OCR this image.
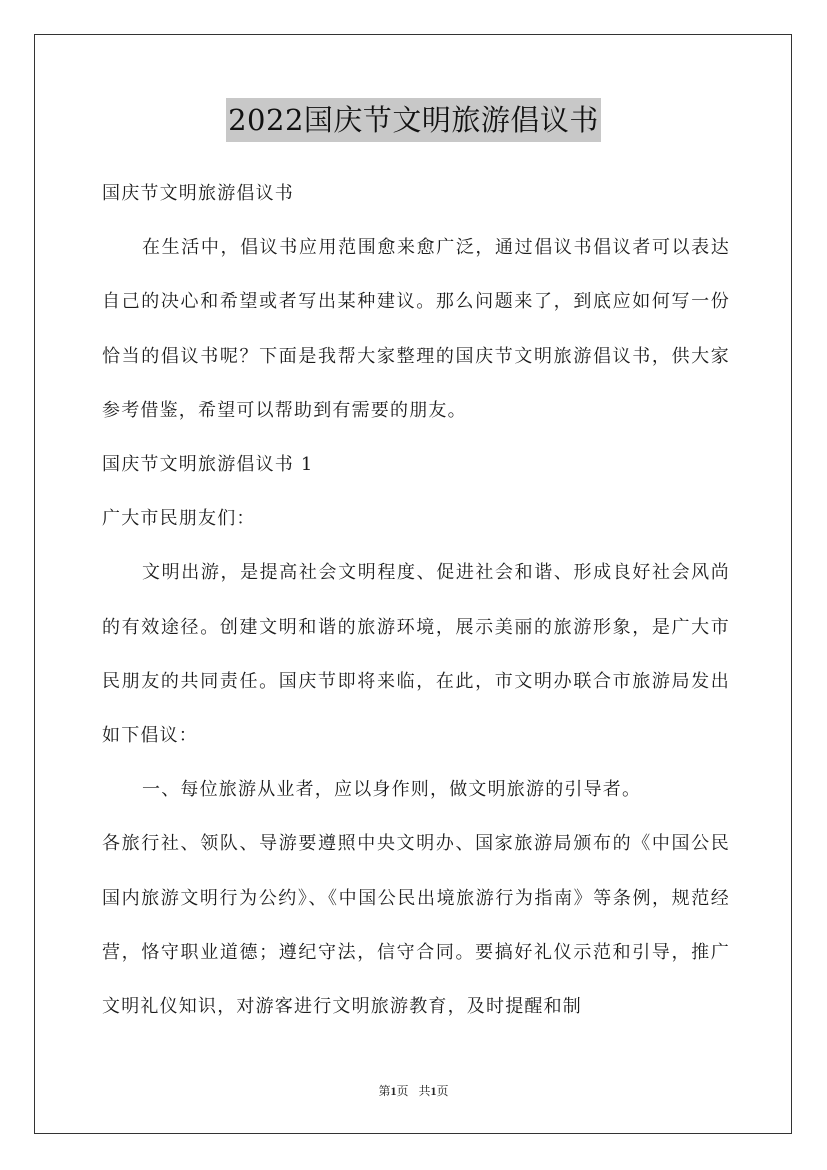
2022国庆节文明旅游倡议书

国庆节文明旅游倡议书

在生活中，倡议书应用范围愈来愈广泛，通过倡议书倡议者可以表达自己的决心和希望或者写出某种建议。那么问题来了，到底应如何写一份恰当的倡议书呢？下面是我帮大家整理的国庆节文明旅游倡议书，供大家参考借鉴，希望可以帮助到有需要的朋友。

国庆节文明旅游倡议书 1

广大市民朋友们：

文明出游，是提高社会文明程度、促进社会和谐、形成良好社会风尚的有效途径。创建文明和谐的旅游环境，展示美丽的旅游形象，是广大市民朋友的共同责任。国庆节即将来临，在此，市文明办联合市旅游局发出如下倡议：

一、每位旅游从业者，应以身作则，做文明旅游的引导者。

各旅行社、领队、导游要遵照中央文明办、国家旅游局颁布的《中国公民国内旅游文明行为公约》、《中国公民出境旅游行为指南》等条例，规范经营，恪守职业道德；遵纪守法，信守合同。要搞好礼仪示范和引导，推广文明礼仪知识，对游客进行文明旅游教育，及时提醒和制

第1页 共1页
